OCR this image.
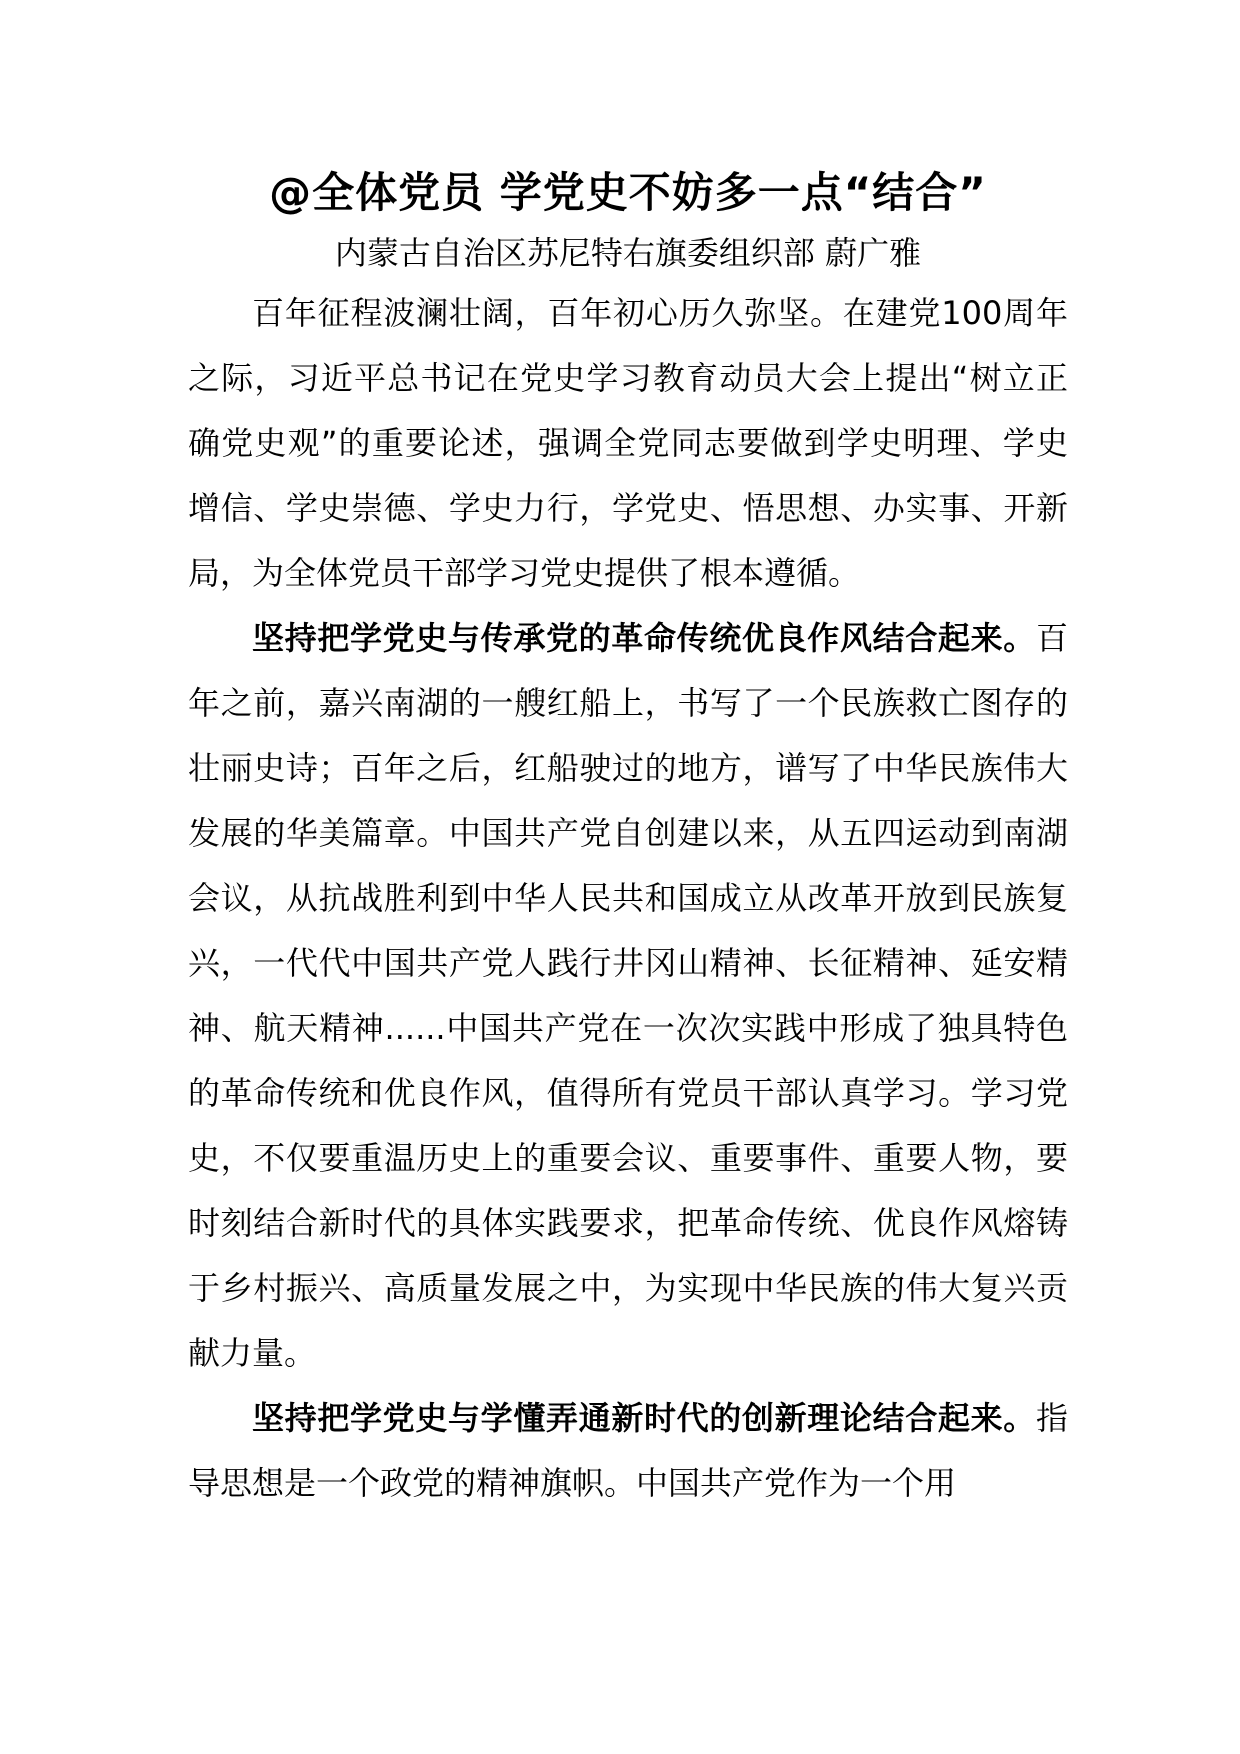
@全体党员 学党史不妨多一点“结合”

内蒙古自治区苏尼特右旗委组织部 蔚广雅

百年征程波澜壮阔，百年初心历久弥坚。在建党100周年之际，习近平总书记在党史学习教育动员大会上提出“树立正确党史观”的重要论述，强调全党同志要做到学史明理、学史增信、学史崇德、学史力行，学党史、悟思想、办实事、开新局，为全体党员干部学习党史提供了根本遵循。

坚持把学党史与传承党的革命传统优良作风结合起来。百年之前，嘉兴南湖的一艘红船上，书写了一个民族救亡图存的壮丽史诗；百年之后，红船驶过的地方，谱写了中华民族伟大发展的华美篇章。中国共产党自创建以来，从五四运动到南湖会议，从抗战胜利到中华人民共和国成立从改革开放到民族复兴，一代代中国共产党人践行井冈山精神、长征精神、延安精神、航天精神......中国共产党在一次次实践中形成了独具特色的革命传统和优良作风，值得所有党员干部认真学习。学习党史，不仅要重温历史上的重要会议、重要事件、重要人物，要时刻结合新时代的具体实践要求，把革命传统、优良作风熔铸于乡村振兴、高质量发展之中，为实现中华民族的伟大复兴贡献力量。

坚持把学党史与学懂弄通新时代的创新理论结合起来。指导思想是一个政党的精神旗帜。中国共产党作为一个用
